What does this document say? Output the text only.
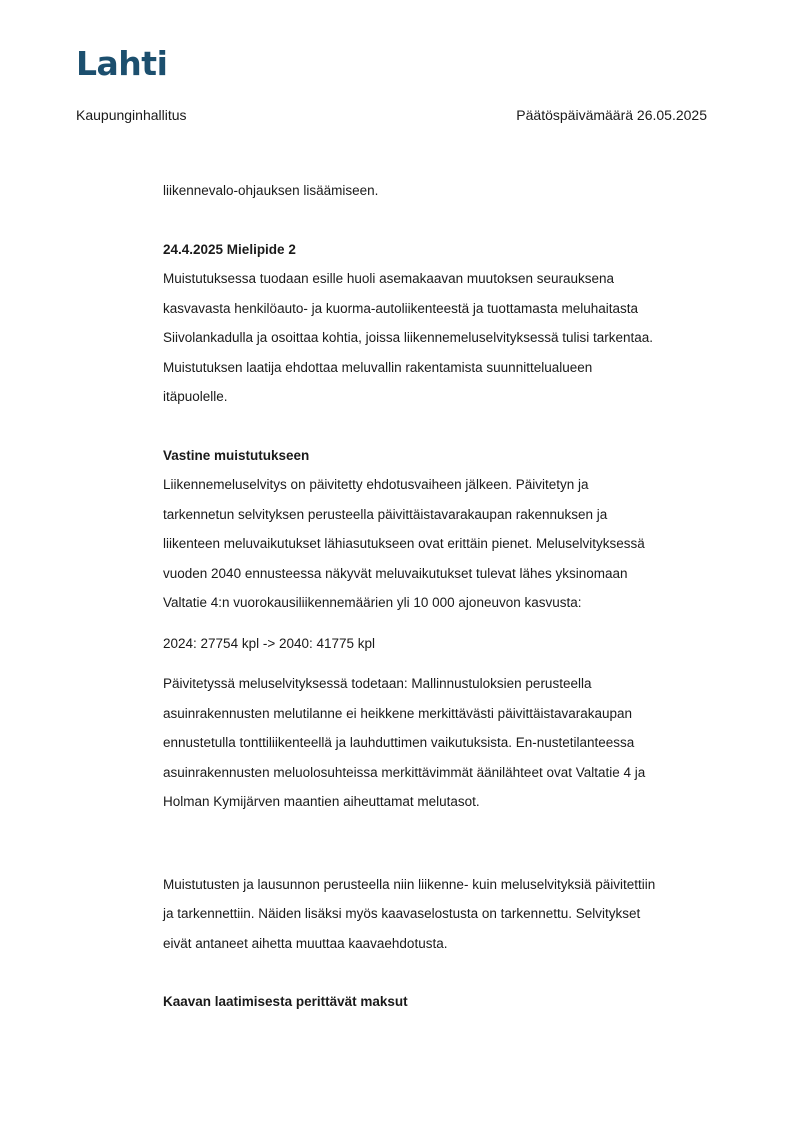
Lahti
Kaupunginhallitus	Päätöspäivämäärä 26.05.2025

liikennevalo-ohjauksen lisäämiseen.

24.4.2025 Mielipide 2

Muistutuksessa tuodaan esille huoli asemakaavan muutoksen seurauksena

kasvavasta henkilöauto- ja kuorma-autoliikenteestä ja tuottamasta meluhaitasta

Siivolankadulla ja osoittaa kohtia, joissa liikennemeluselvityksessä tulisi tarkentaa.

Muistutuksen laatija ehdottaa meluvallin rakentamista suunnittelualueen

itäpuolelle.

Vastine muistutukseen

Liikennemeluselvitys on päivitetty ehdotusvaiheen jälkeen. Päivitetyn ja

tarkennetun selvityksen perusteella päivittäistavarakaupan rakennuksen ja

liikenteen meluvaikutukset lähiasutukseen ovat erittäin pienet. Meluselvityksessä

vuoden 2040 ennusteessa näkyvät meluvaikutukset tulevat lähes yksinomaan

Valtatie 4:n vuorokausiliikennemäärien yli 10 000 ajoneuvon kasvusta:

2024: 27754 kpl -> 2040: 41775 kpl

Päivitetyssä meluselvityksessä todetaan: Mallinnustuloksien perusteella

asuinrakennusten melutilanne ei heikkene merkittävästi päivittäistavarakaupan

ennustetulla tonttiliikenteellä ja lauhduttimen vaikutuksista. En-nustetilanteessa

asuinrakennusten meluolosuhteissa merkittävimmät äänilähteet ovat Valtatie 4 ja

Holman Kymijärven maantien aiheuttamat melutasot.

Muistutusten ja lausunnon perusteella niin liikenne- kuin meluselvityksiä päivitettiin

ja tarkennettiin. Näiden lisäksi myös kaavaselostusta on tarkennettu. Selvitykset

eivät antaneet aihetta muuttaa kaavaehdotusta.

Kaavan laatimisesta perittävät maksut
